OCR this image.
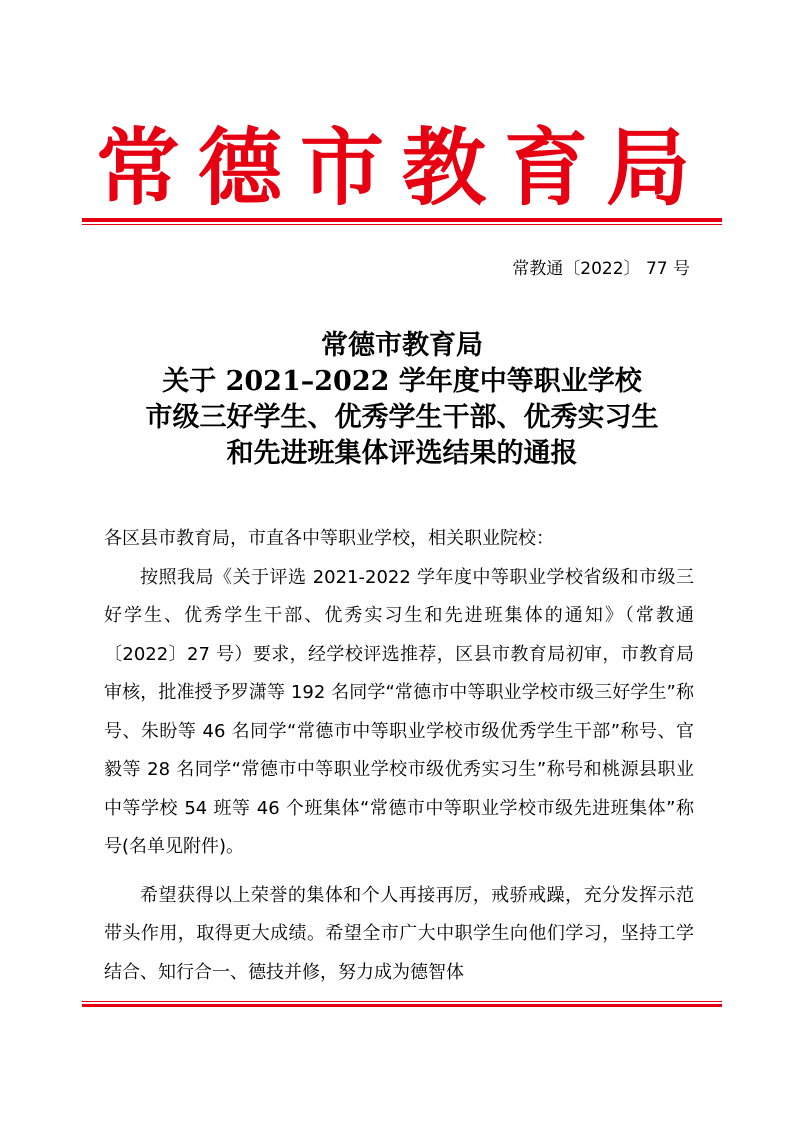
常德市教育局
常教通〔2022〕 77 号
常德市教育局
关于 2021–2022 学年度中等职业学校
市级三好学生、优秀学生干部、优秀实习生
和先进班集体评选结果的通报

各区县市教育局，市直各中等职业学校，相关职业院校：

按照我局《关于评选 2021-2022 学年度中等职业学校省级和市级三好学生、优秀学生干部、优秀实习生和先进班集体的通知》（常教通〔2022〕27 号）要求，经学校评选推荐，区县市教育局初审，市教育局审核，批准授予罗潇等 192 名同学“常德市中等职业学校市级三好学生”称号、朱盼等 46 名同学“常德市中等职业学校市级优秀学生干部”称号、官毅等 28 名同学“常德市中等职业学校市级优秀实习生”称号和桃源县职业中等学校 54 班等 46 个班集体“常德市中等职业学校市级先进班集体”称号(名单见附件)。

希望获得以上荣誉的集体和个人再接再厉，戒骄戒躁，充分发挥示范带头作用，取得更大成绩。希望全市广大中职学生向他们学习，坚持工学结合、知行合一、德技并修，努力成为德智体
